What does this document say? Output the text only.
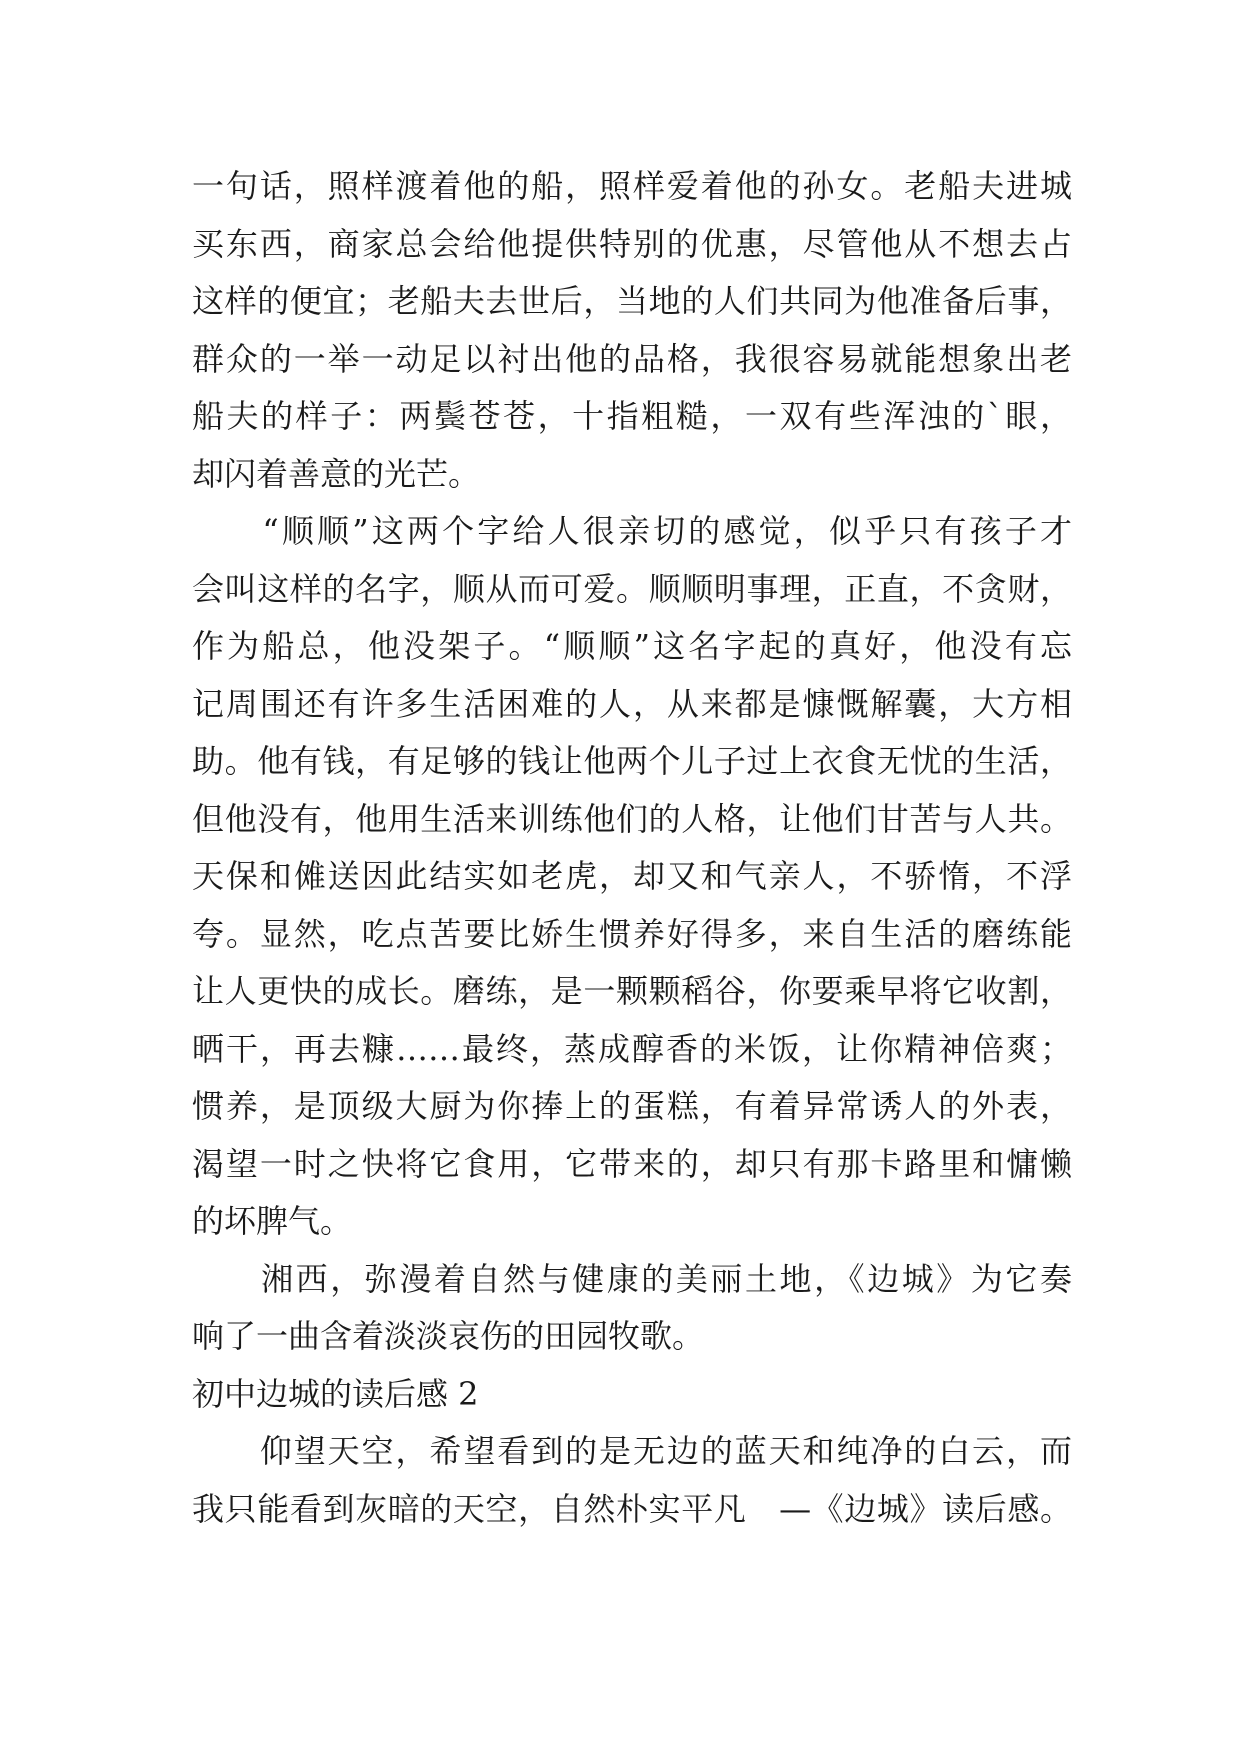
一句话，照样渡着他的船，照样爱着他的孙女。老船夫进城
买东西，商家总会给他提供特别的优惠，尽管他从不想去占
这样的便宜；老船夫去世后，当地的人们共同为他准备后事，
群众的一举一动足以衬出他的品格，我很容易就能想象出老
船夫的样子：两鬓苍苍，十指粗糙，一双有些浑浊的`眼，
却闪着善意的光芒。
　　“顺顺”这两个字给人很亲切的感觉，似乎只有孩子才
会叫这样的名字，顺从而可爱。顺顺明事理，正直，不贪财，
作为船总，他没架子。“顺顺”这名字起的真好，他没有忘
记周围还有许多生活困难的人，从来都是慷慨解囊，大方相
助。他有钱，有足够的钱让他两个儿子过上衣食无忧的生活，
但他没有，他用生活来训练他们的人格，让他们甘苦与人共。
天保和傩送因此结实如老虎，却又和气亲人，不骄惰，不浮
夸。显然，吃点苦要比娇生惯养好得多，来自生活的磨练能
让人更快的成长。磨练，是一颗颗稻谷，你要乘早将它收割，
晒干，再去糠……最终，蒸成醇香的米饭，让你精神倍爽；
惯养，是顶级大厨为你捧上的蛋糕，有着异常诱人的外表，
渴望一时之快将它食用，它带来的，却只有那卡路里和慵懒
的坏脾气。
　　湘西，弥漫着自然与健康的美丽土地，《边城》为它奏
响了一曲含着淡淡哀伤的田园牧歌。
初中边城的读后感 2
　　仰望天空，希望看到的是无边的蓝天和纯净的白云，而
我只能看到灰暗的天空，自然朴实平凡　—《边城》读后感。
